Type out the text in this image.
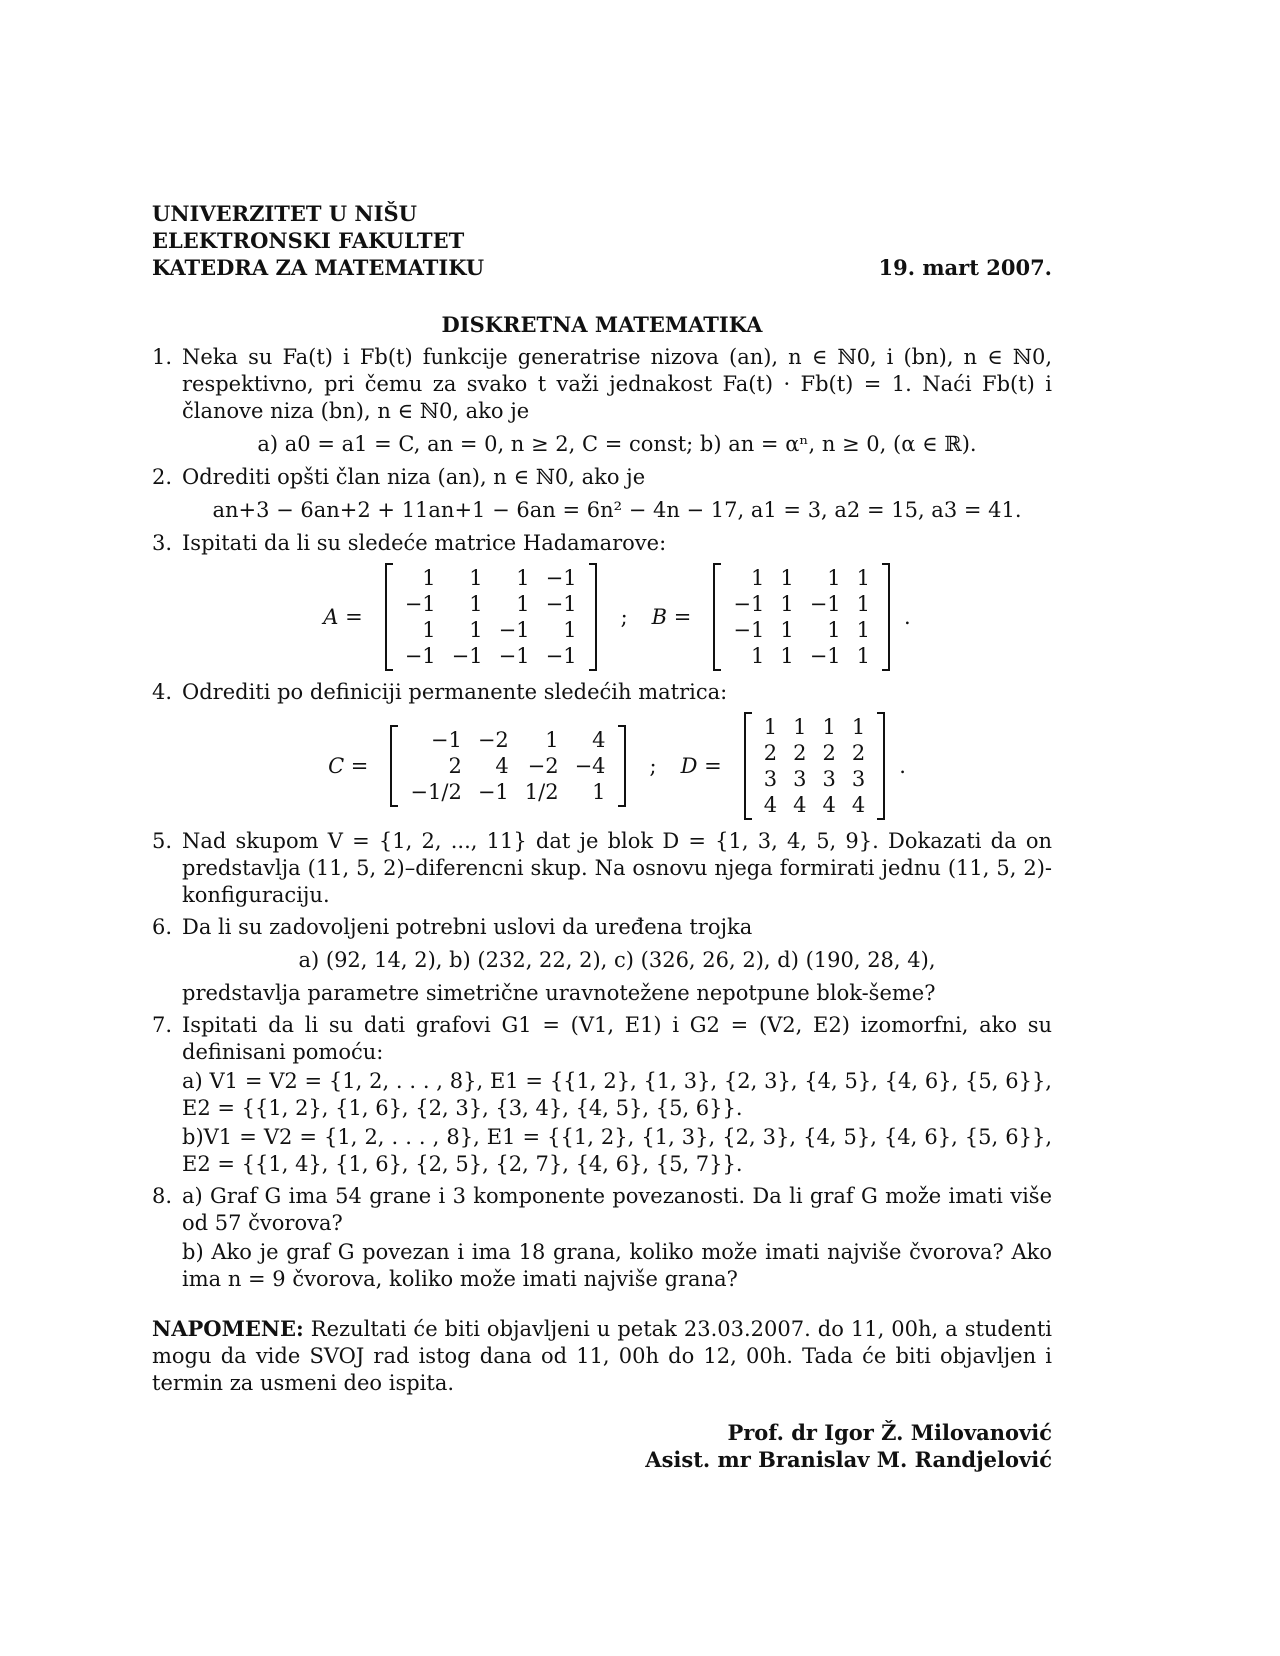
UNIVERZITET U NIŠU
ELEKTRONSKI FAKULTET
KATEDRA ZA MATEMATIKU	19. mart 2007.
DISKRETNA MATEMATIKA
1. Neka su Fa(t) i Fb(t) funkcije generatrise nizova (an), n ∈ ℕ0, i (bn), n ∈ ℕ0, respektivno, pri čemu za svako t važi jednakost Fa(t) · Fb(t) = 1. Naći Fb(t) i članove niza (bn), n ∈ ℕ0, ako je
a) a0 = a1 = C, an = 0, n ≥ 2, C = const; b) an = αⁿ, n ≥ 0, (α ∈ ℝ).
2. Odrediti opšti član niza (an), n ∈ ℕ0, ako je
an+3 − 6an+2 + 11an+1 − 6an = 6n² − 4n − 17, a1 = 3, a2 = 15, a3 = 41.
3. Ispitati da li su sledeće matrice Hadamarove:
A =
1	1	1 −1
−1	1	1 −1
1	1 −1	1
−1 −1 −1 −1
; B =
1 1	1 1
−1 1 −1 1
−1 1	1 1
1 1 −1 1
.
4. Odrediti po definiciji permanente sledećih matrica:
C =
−1 −2	1	4
2	4 −2 −4
−1/2 −1 1/2	1
; D =
1 1 1 1
2 2 2 2
3 3 3 3
4 4 4 4
.
5. Nad skupom V = {1, 2, ..., 11} dat je blok D = {1, 3, 4, 5, 9}. Dokazati da on predstavlja (11, 5, 2)–diferencni skup. Na osnovu njega formirati jednu (11, 5, 2)-konfiguraciju.
6. Da li su zadovoljeni potrebni uslovi da uređena trojka
a) (92, 14, 2), b) (232, 22, 2), c) (326, 26, 2), d) (190, 28, 4),
predstavlja parametre simetrične uravnotežene nepotpune blok-šeme?
7. Ispitati da li su dati grafovi G1 = (V1, E1) i G2 = (V2, E2) izomorfni, ako su definisani pomoću:
a) V1 = V2 = {1, 2, . . . , 8}, E1 = {{1, 2}, {1, 3}, {2, 3}, {4, 5}, {4, 6}, {5, 6}}, E2 = {{1, 2}, {1, 6}, {2, 3}, {3, 4}, {4, 5}, {5, 6}}.
b)V1 = V2 = {1, 2, . . . , 8}, E1 = {{1, 2}, {1, 3}, {2, 3}, {4, 5}, {4, 6}, {5, 6}}, E2 = {{1, 4}, {1, 6}, {2, 5}, {2, 7}, {4, 6}, {5, 7}}.
8. a) Graf G ima 54 grane i 3 komponente povezanosti. Da li graf G može imati više od 57 čvorova?
b) Ako je graf G povezan i ima 18 grana, koliko može imati najviše čvorova? Ako ima n = 9 čvorova, koliko može imati najviše grana?
NAPOMENE: Rezultati će biti objavljeni u petak 23.03.2007. do 11, 00h, a studenti mogu da vide SVOJ rad istog dana od 11, 00h do 12, 00h. Tada će biti objavljen i termin za usmeni deo ispita.
Prof. dr Igor Ž. Milovanović
Asist. mr Branislav M. Randjelović
